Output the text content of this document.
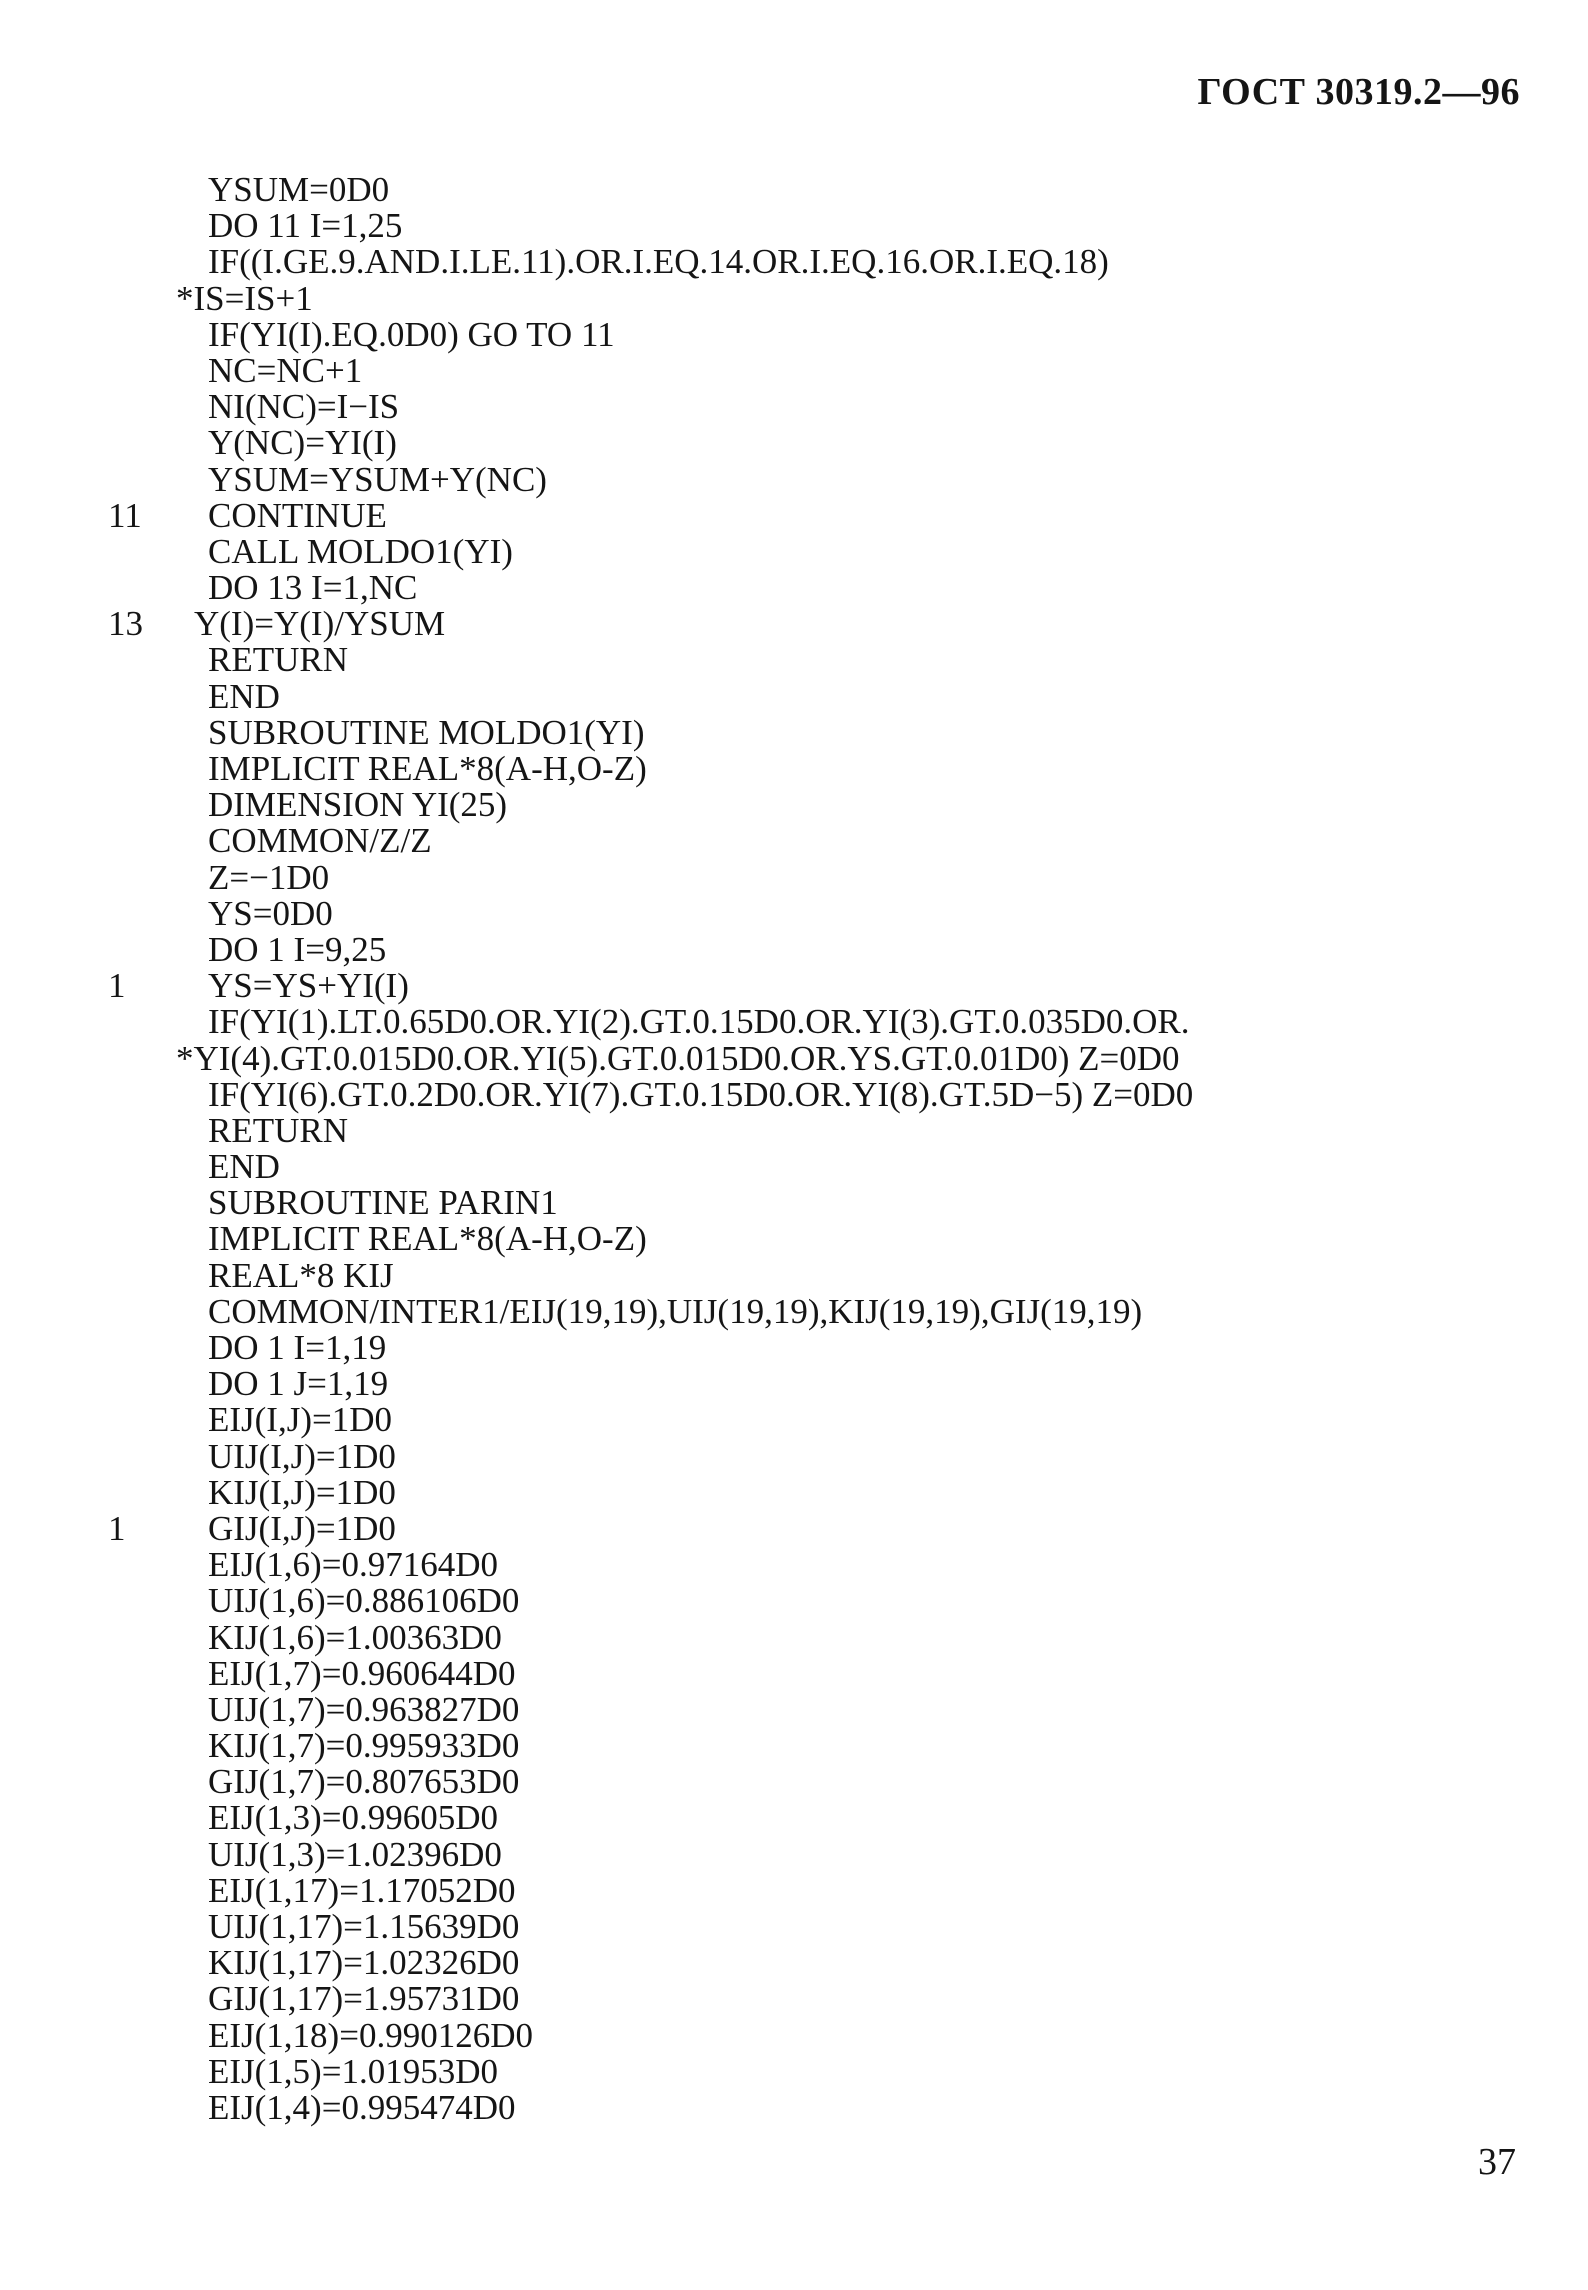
ГОСТ 30319.2—96
YSUM=0D0
DO 11 I=1,25
IF((I.GE.9.AND.I.LE.11).OR.I.EQ.14.OR.I.EQ.16.OR.I.EQ.18)
*IS=IS+1
IF(YI(I).EQ.0D0) GO TO 11
NC=NC+1
NI(NC)=I−IS
Y(NC)=YI(I)
YSUM=YSUM+Y(NC)
11	CONTINUE
CALL MOLDO1(YI)
DO 13 I=1,NC
13	Y(I)=Y(I)/YSUM
RETURN
END
SUBROUTINE MOLDO1(YI)
IMPLICIT REAL*8(A-H,O-Z)
DIMENSION YI(25)
COMMON/Z/Z
Z=−1D0
YS=0D0
DO 1 I=9,25
1	YS=YS+YI(I)
IF(YI(1).LT.0.65D0.OR.YI(2).GT.0.15D0.OR.YI(3).GT.0.035D0.OR.
*YI(4).GT.0.015D0.OR.YI(5).GT.0.015D0.OR.YS.GT.0.01D0) Z=0D0
IF(YI(6).GT.0.2D0.OR.YI(7).GT.0.15D0.OR.YI(8).GT.5D−5) Z=0D0
RETURN
END
SUBROUTINE PARIN1
IMPLICIT REAL*8(A-H,O-Z)
REAL*8 KIJ
COMMON/INTER1/EIJ(19,19),UIJ(19,19),KIJ(19,19),GIJ(19,19)
DO 1 I=1,19
DO 1 J=1,19
EIJ(I,J)=1D0
UIJ(I,J)=1D0
KIJ(I,J)=1D0
1	GIJ(I,J)=1D0
EIJ(1,6)=0.97164D0
UIJ(1,6)=0.886106D0
KIJ(1,6)=1.00363D0
EIJ(1,7)=0.960644D0
UIJ(1,7)=0.963827D0
KIJ(1,7)=0.995933D0
GIJ(1,7)=0.807653D0
EIJ(1,3)=0.99605D0
UIJ(1,3)=1.02396D0
EIJ(1,17)=1.17052D0
UIJ(1,17)=1.15639D0
KIJ(1,17)=1.02326D0
GIJ(1,17)=1.95731D0
EIJ(1,18)=0.990126D0
EIJ(1,5)=1.01953D0
EIJ(1,4)=0.995474D0
37
